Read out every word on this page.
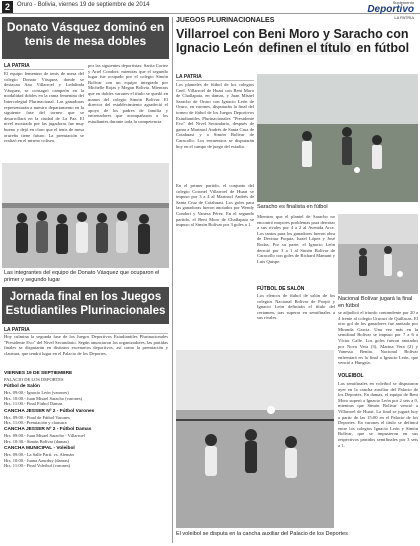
2	Oruro - Bolivia, viernes 19 de septiembre de 2014	Suplemento
Deportivo
LA PATRIA
Donato Vásquez dominó en tenis de mesa dobles
LA PATRIA
El equipo femenino de tenis de mesa del colegio Donato Vásquez, donde se destacan Ana Villarroel y Ledalinda Vásquez, se consagró campeón en la modalidad dobles en la rama femenina del Intercolegial Plurinacional. Las ganadoras representarán a nuestro departamento en la siguiente fase del torneo que se desarrollará en la ciudad de La Paz. El nivel mostrado por las jugadoras fue muy bueno y dejó en claro que el tenis de mesa orureño tiene futuro. La premiación se realizó en el mismo coliseo.
por las siguientes deportistas: Sarita Cortez y Ariel Condori; mientras que el segundo lugar fue ocupado por el colegio Simón Bolívar con un equipo integrado por Michelle Rojas y Megan Bolivia. Mientras que en dobles varones el título se quedó en manos del colegio Simón Bolívar. El director del establecimiento agradeció el apoyo de los padres de familia y entrenadores que acompañaron a los estudiantes durante toda la competencia.
Las integrantes del equipo de Donato Vásquez que ocuparon el primer y segundo lugar
Jornada final en los Juegos Estudiantiles Plurinacionales
LA PATRIA
Hoy culmina la segunda fase de los Juegos Deportivos Estudiantiles Plurinacionales "Presidente Evo" del Nivel Secundario. Según anunciaron los organizadores, las partidas finales se disputarán en distintos escenarios deportivos, así como la premiación y clausura, que tendrá lugar en el Palacio de los Deportes.
VIERNES 19 DE SEPTIEMBRE
PALACIO DE LOS DEPORTES
Fútbol de Salón
Hrs. 09:00.- Ignacio León (varones)
Hrs. 10:00.- Juan Misael Saracho (varones)
Hrs. 11:00.- Final Fútbol Damas
CANCHA JESSER Nº 2 - Fútbol Varones
Hrs. 09:00.- Final de Fútbol Varones
Hrs. 11:00.- Premiación y clausura
CANCHA JESSER Nº 2 - Fútbol Damas
Hrs. 09:00.- Juan Misael Saracho - Villarroel
Hrs. 10:30.- Simón Bolívar (damas)
CANCHA MUNICIPAL - Voleibol
Hrs. 09:00.- La Salle Parti. vs. Alemán
Hrs. 10:00.- Juana Azurduy (damas)
Hrs. 11:00.- Final Voleibol (varones)
JUEGOS PLURINACIONALES
Villarroel con Beni Moro y Saracho con Ignacio León definen el título en fútbol
LA PATRIA
Los planteles de fútbol de los colegios Cnel. Villarroel de Huari con Beni Moro de Challapata, en damas, y Juan Misael Saracho de Oruro con Ignacio León de Oruro, en varones, disputarán la final del torneo de fútbol de los Juegos Deportivos Estudiantiles Plurinacionales "Presidente Evo" del Nivel Secundario, después de ganar a Marinacl Andrés de Santa Cruz de Cotahuasi y a Simón Bolívar de Caracollo. Los encuentros se disputarán hoy en el campo de juego del estadio.
En el primer partido, el conjunto del colegio Coronel Villarroel de Huari se impuso por 3 a 4 al Marinacl Andrés de Santa Cruz de Cotahuasi. Los goles para las ganadoras fueron anotados por Wendy Condori y Vanesa Pérez. En el segundo partido, el Beni Moro de Challapata se impuso al Simón Bolívar por 3 goles a 1.
Saracho es finalista en fútbol
Mientras que el plantel de Saracho no encontró mayores problemas para derrotar a sus rivales por 4 a 2 al Avenida Arce. Los tantos para los ganadores fueron obra de Devinar Poquiz, Israel López y José Rodas. Por su parte, el Ignacio León derrotó por 3 a 1 al Simón Bolívar de Caracollo con goles de Richard Mamani y Luis Quispe.
FÚTBOL DE SALÓN
Los elencos de fútbol de salón de los colegios Nacional Bolívar de Poopó y Ignacio León definirán el título del certamen, tras superar en semifinales a sus rivales.
Nacional Bolívar jugará la final en fútbol
se adjudicó el triunfo contundente por 20 a 4 frente al colegio Urucuri de Quillacas. El otro gol de los ganadores fue anotado por Miranda Garcia. Una vez más en la semifinal Bolívar se impuso por 7 a 6 a Víctor Calle. Los goles fueron anotados por Nova Vera (3), Marina Vera (2) y Vanessa Benito. Nacional Bolívar enfrentará en la final a Ignacio León, que venció a Hungría.
El voleibol se disputa en la cancha auxiliar del Palacio de los Deportes
VOLEIBOL
Las semifinales en voleibol se disputaron ayer en la cancha auxiliar del Palacio de los Deportes. En damas, el equipo de Beni Moro superó a Ignacio León por 2 sets a 0, mientras que Simón Bolívar venció a Villarroel de Huari. La final se jugará hoy a partir de las 15:00 en el Palacio de los Deportes. En varones el título se definirá entre los colegios Ignacio León y Simón Bolívar, que se impusieron en sus respectivos partidos semifinales por 3 sets a 1.
